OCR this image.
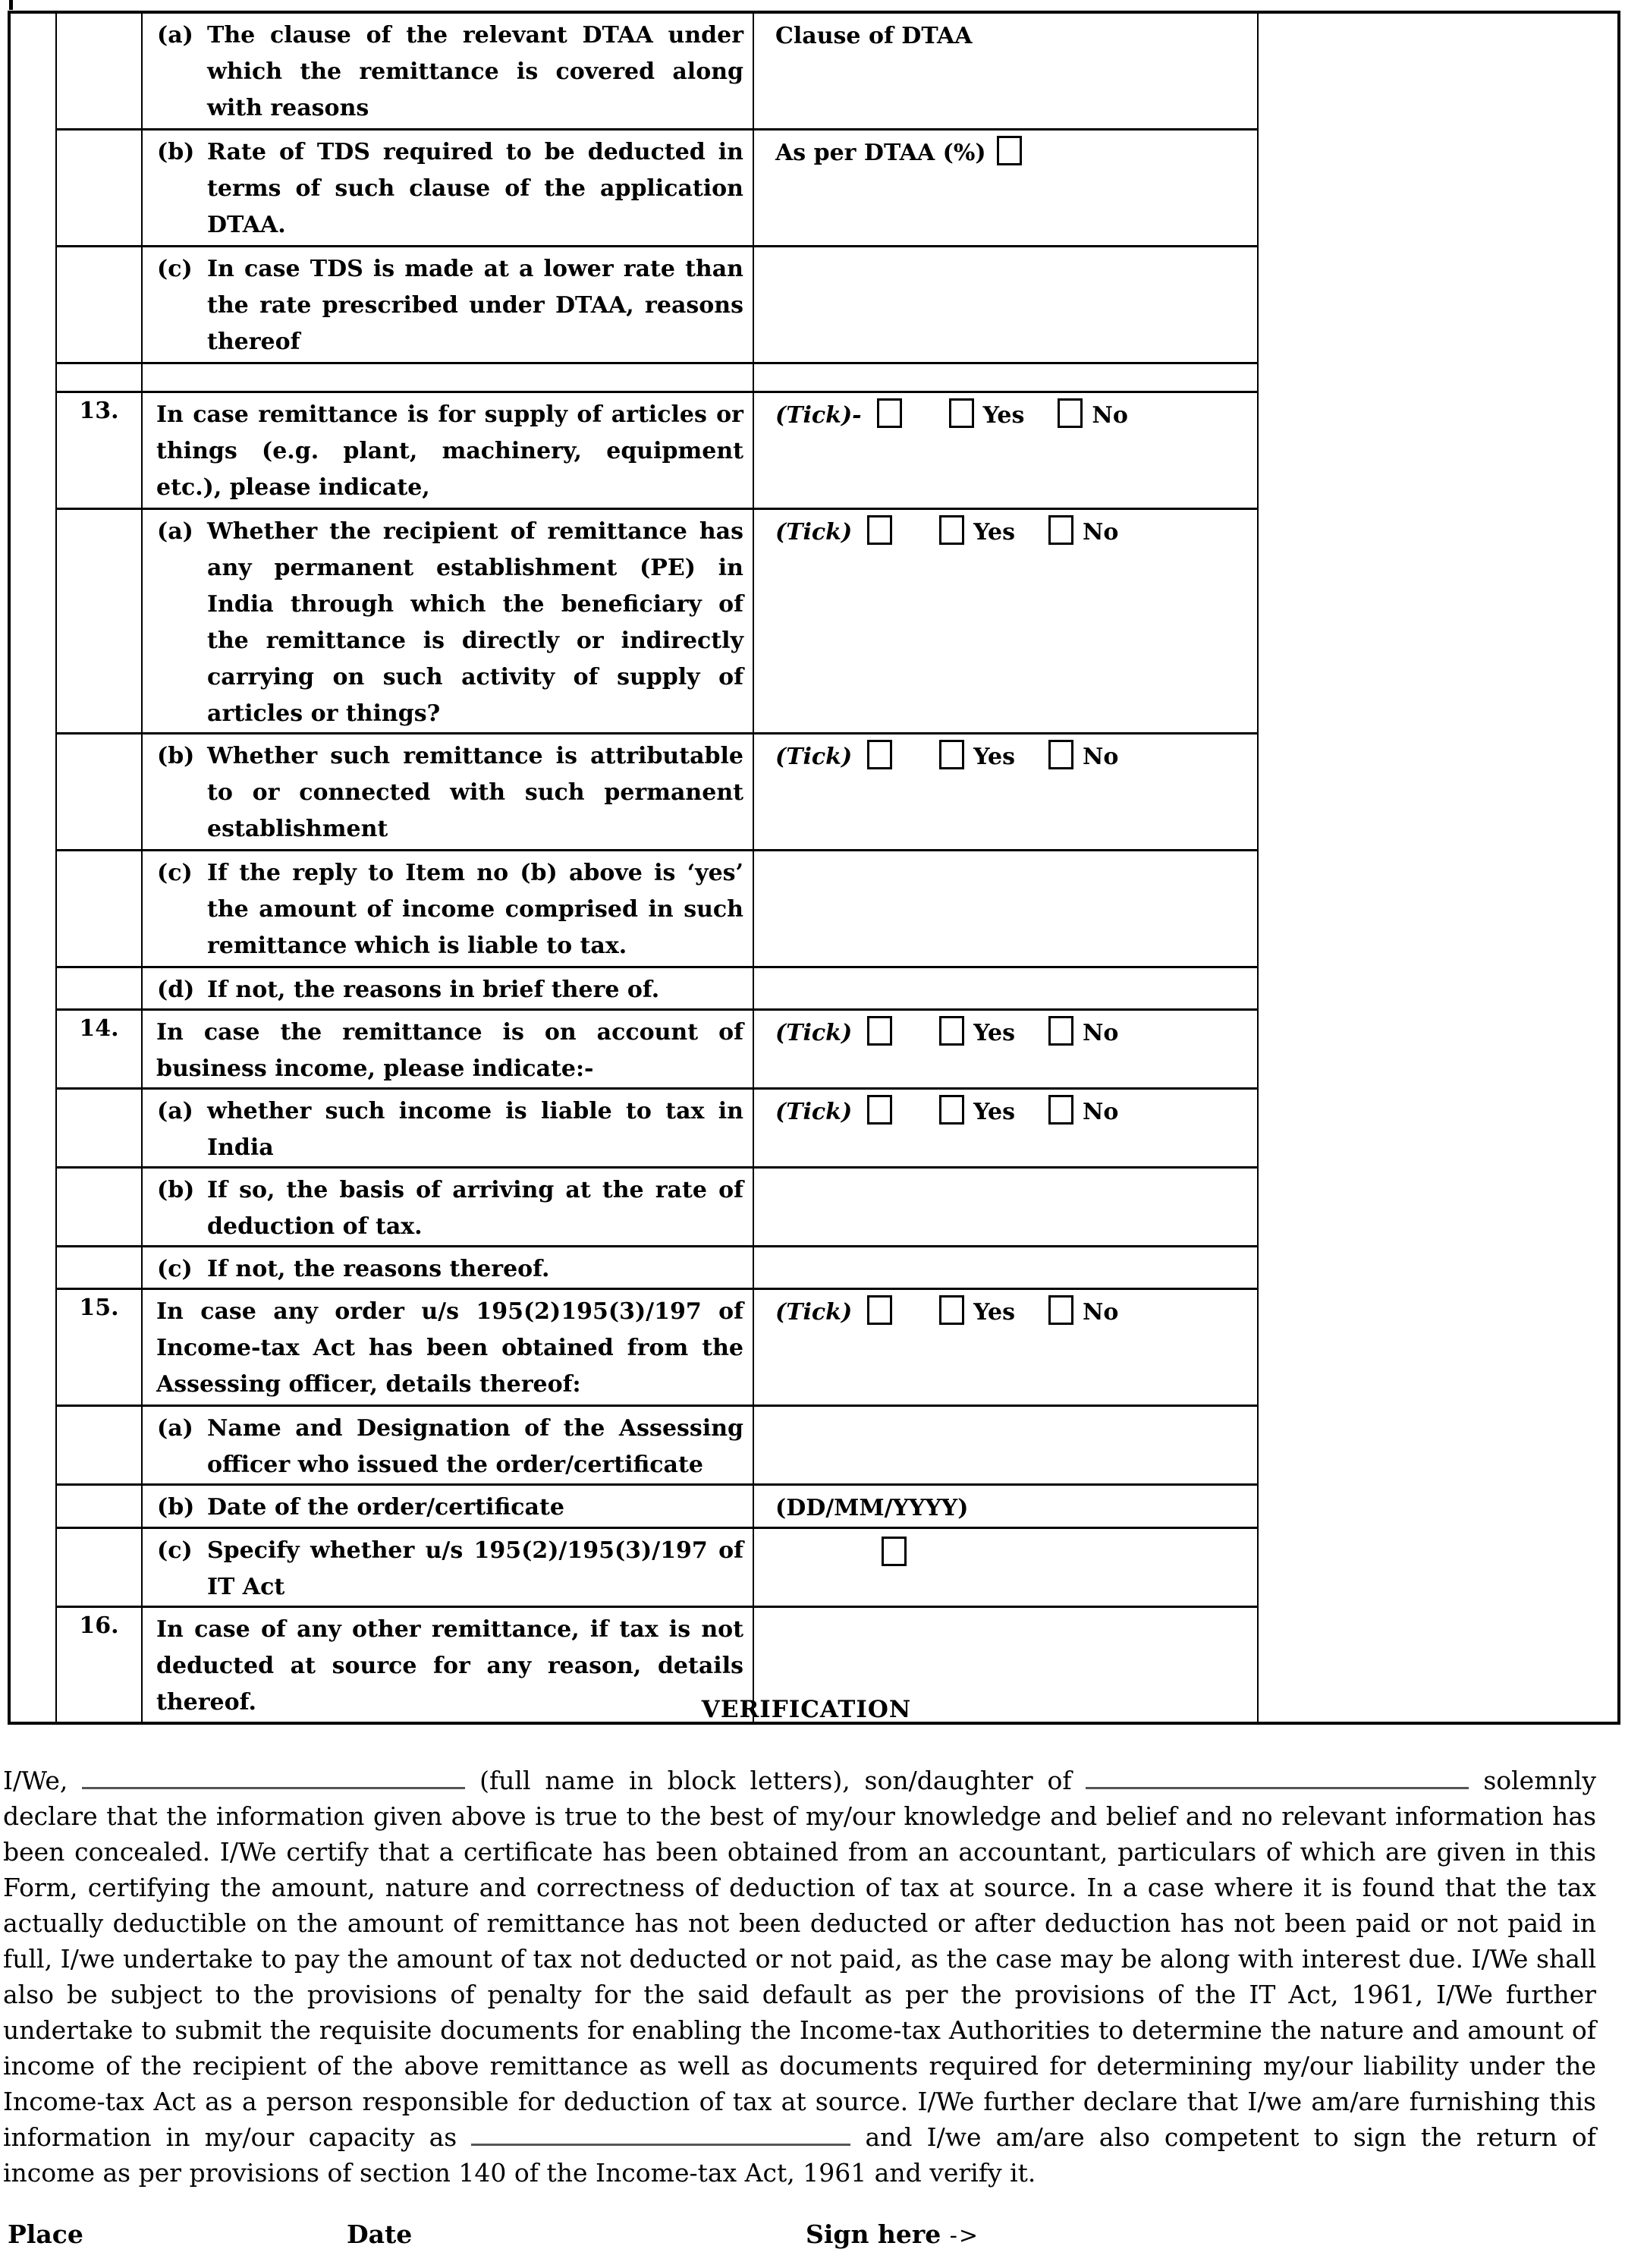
		(a) The clause of the relevant DTAA under which the remittance is covered along with reasons	Clause of DTAA	

		(b) Rate of TDS required to be deducted in terms of such clause of the application DTAA.	As per DTAA (%)	

		(c) In case TDS is made at a lower rate than the rate prescribed under DTAA, reasons thereof		

	13.	In case remittance is for supply of articles or things (e.g. plant, machinery, equipment etc.), please indicate,	(Tick)- Yes No	

		(a) Whether the recipient of remittance has any permanent establishment (PE) in India through which the beneficiary of the remittance is directly or indirectly carrying on such activity of supply of articles or things?	(Tick) Yes No	

		(b) Whether such remittance is attributable to or connected with such permanent establishment	(Tick) Yes No	

		(c) If the reply to Item no (b) above is ‘yes’ the amount of income comprised in such remittance which is liable to tax.		

		(d) If not, the reasons in brief there of.		

	14.	In case the remittance is on account of business income, please indicate:-	(Tick) Yes No	

		(a) whether such income is liable to tax in India	(Tick) Yes No	

		(b) If so, the basis of arriving at the rate of deduction of tax.		

		(c) If not, the reasons thereof.		

	15.	In case any order u/s 195(2)195(3)/197 of Income-tax Act has been obtained from the Assessing officer, details thereof:	(Tick) Yes No	

		(a) Name and Designation of the Assessing officer who issued the order/certificate		

		(b) Date of the order/certificate	(DD/MM/YYYY)	

		(c) Specify whether u/s 195(2)/195(3)/197 of IT Act		

	16.	In case of any other remittance, if tax is not deducted at source for any reason, details thereof.		
		VERIFICATION

I/We,	(full name in block letters), son/daughter of	solemnly declare that the information given above is true to the best of my/our knowledge and belief and no relevant information has been concealed. I/We certify that a certificate has been obtained from an accountant, particulars of which are given in this Form, certifying the amount, nature and correctness of deduction of tax at source. In a case where it is found that the tax actually deductible on the amount of remittance has not been deducted or after deduction has not been paid or not paid in full, I/we undertake to pay the amount of tax not deducted or not paid, as the case may be along with interest due. I/We shall also be subject to the provisions of penalty for the said default as per the provisions of the IT Act, 1961, I/We further undertake to submit the requisite documents for enabling the Income-tax Authorities to determine the nature and amount of income of the recipient of the above remittance as well as documents required for determining my/our liability under the Income-tax Act as a person responsible for deduction of tax at source. I/We further declare that I/we am/are furnishing this information in my/our capacity as	and I/we am/are also competent to sign the return of income as per provisions of section 140 of the Income-tax Act, 1961 and verify it.

Place	Date	Sign here ->
